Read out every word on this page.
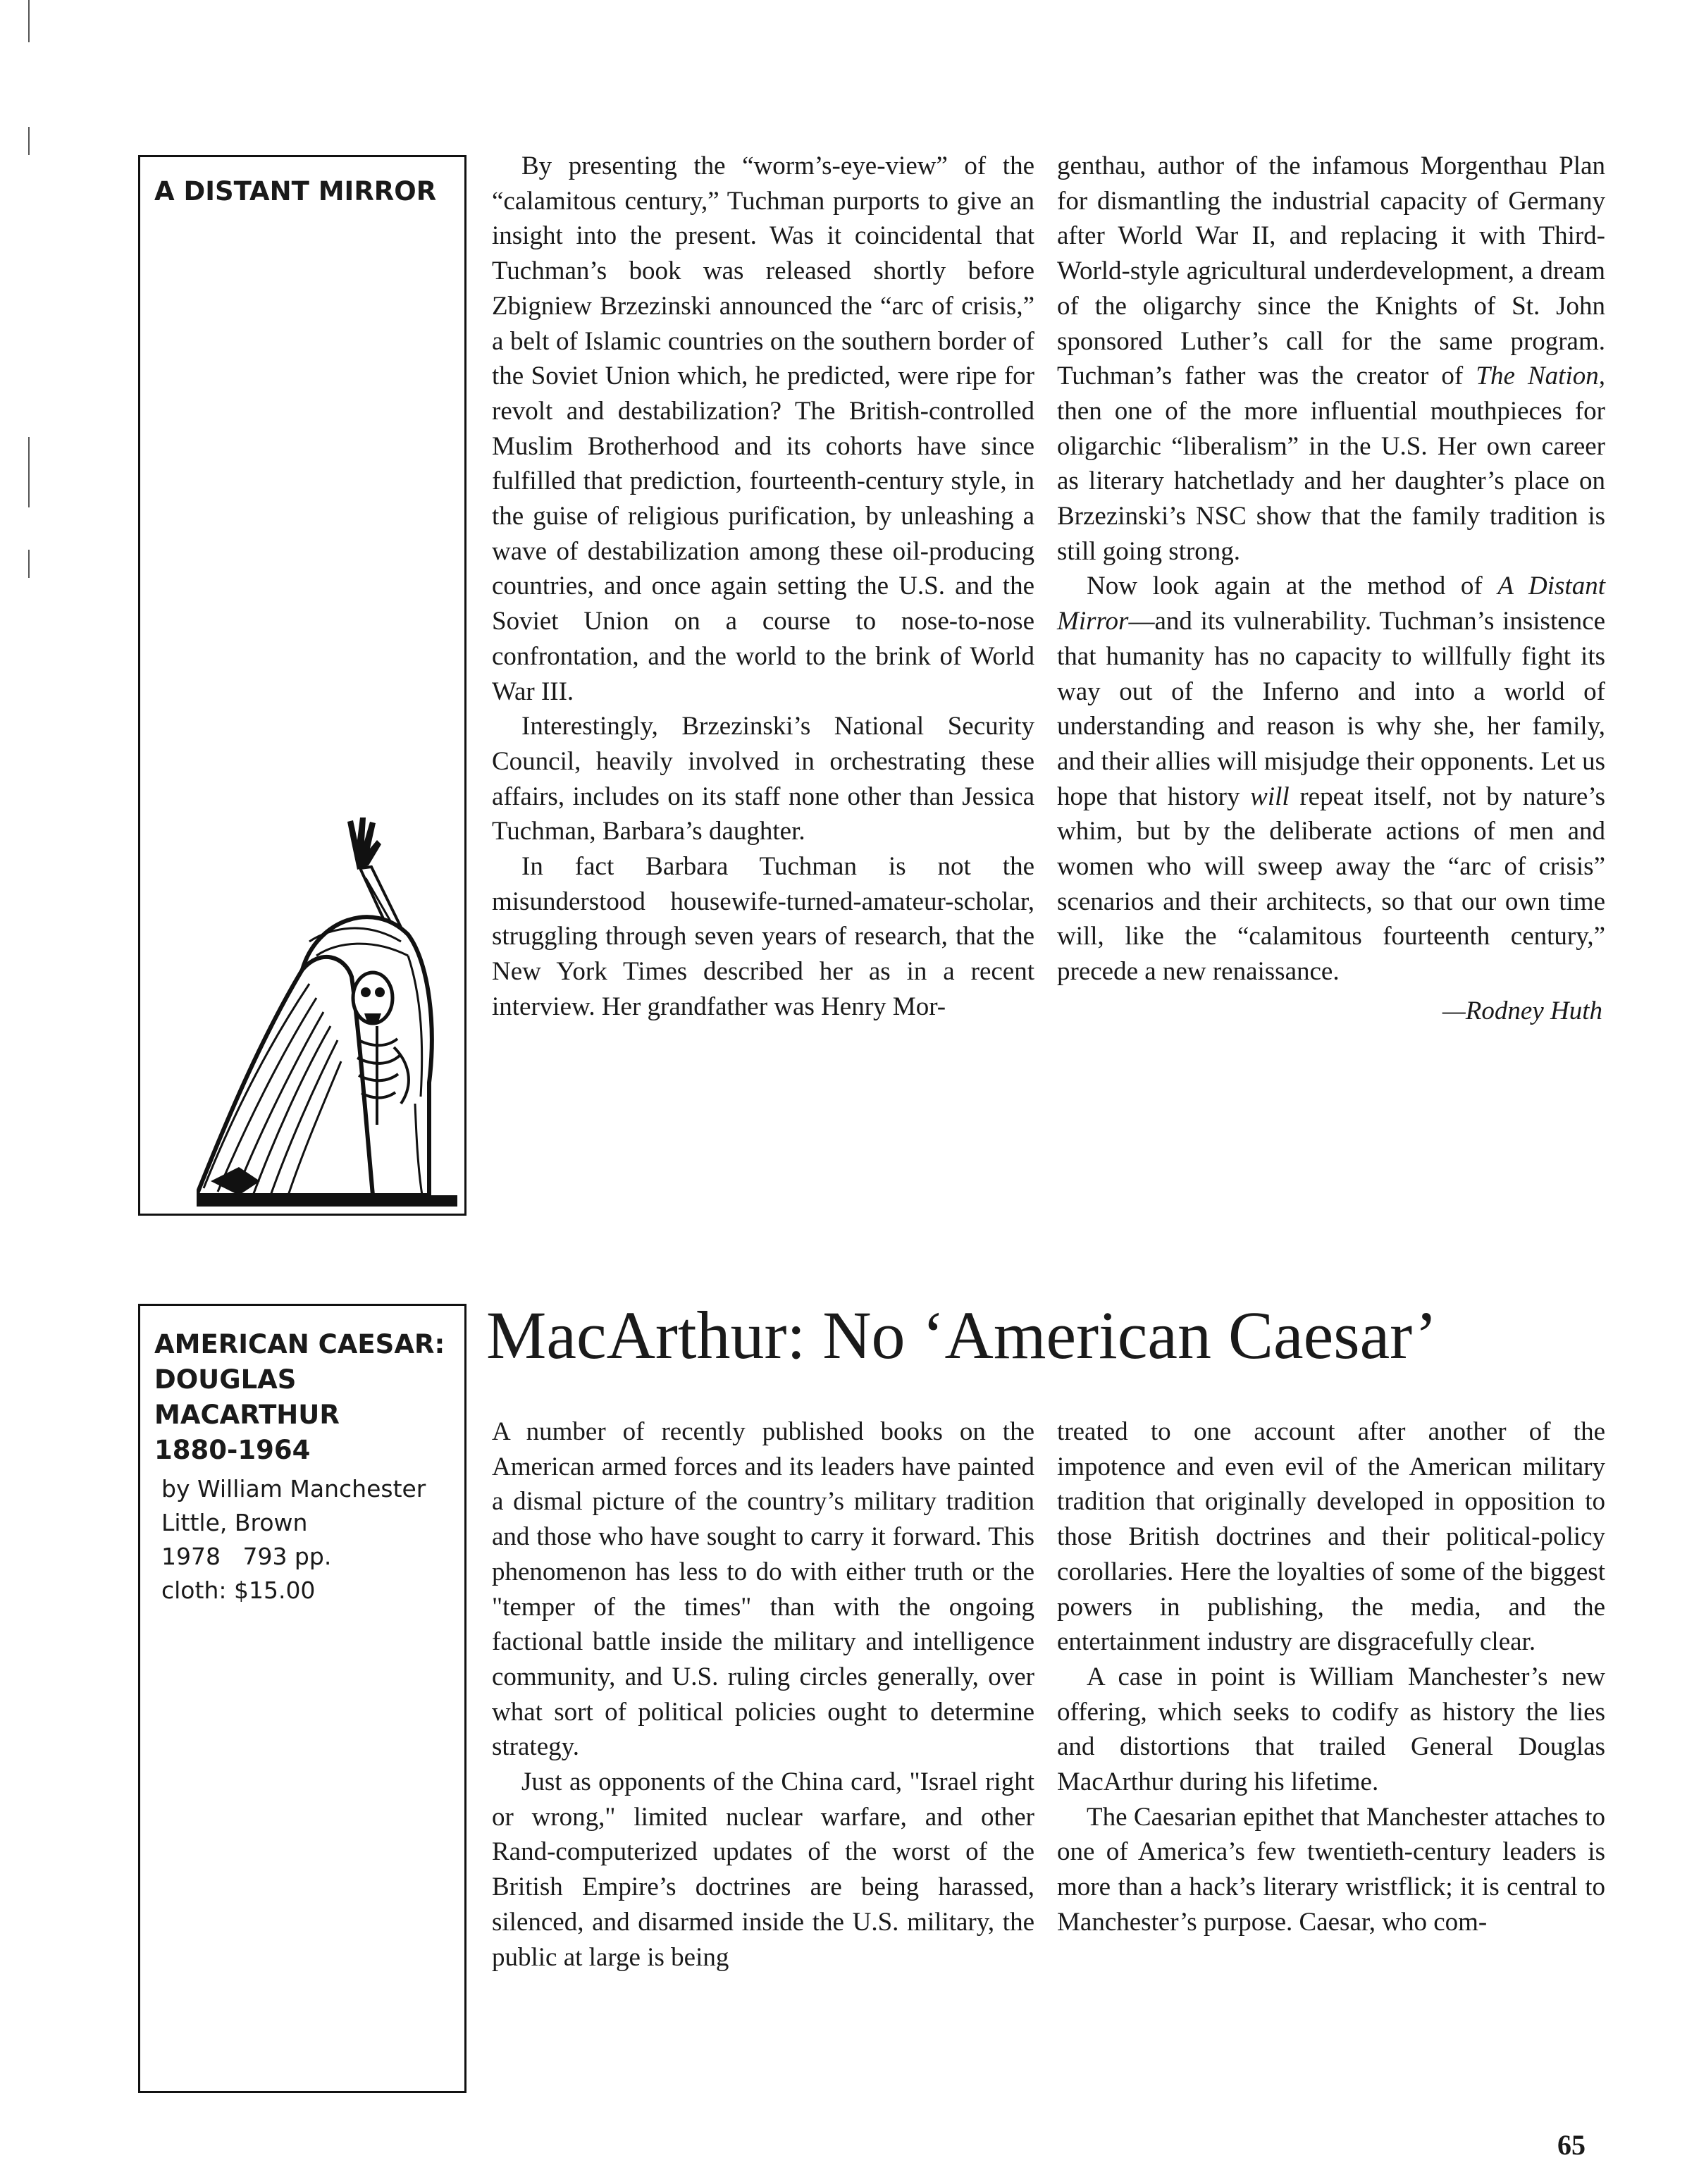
A DISTANT MIRROR

By presenting the “worm’s-eye-view” of the “calamitous century,” Tuchman purports to give an insight into the present. Was it coincidental that Tuchman’s book was released shortly before Zbigniew Brzezinski announced the “arc of crisis,” a belt of Islamic countries on the southern border of the Soviet Union which, he predicted, were ripe for revolt and destabilization? The British-controlled Muslim Brotherhood and its cohorts have since fulfilled that prediction, fourteenth-century style, in the guise of religious purification, by unleashing a wave of destabilization among these oil-producing countries, and once again setting the U.S. and the Soviet Union on a course to nose-to-nose confrontation, and the world to the brink of World War III.

Interestingly, Brzezinski’s National Security Council, heavily involved in orchestrating these affairs, includes on its staff none other than Jessica Tuchman, Barbara’s daughter.

In fact Barbara Tuchman is not the misunderstood housewife-turned-amateur-scholar, struggling through seven years of research, that the New York Times described her as in a recent interview. Her grandfather was Henry Mor-

genthau, author of the infamous Morgenthau Plan for dismantling the industrial capacity of Germany after World War II, and replacing it with Third-World-style agricultural underdevelopment, a dream of the oligarchy since the Knights of St. John sponsored Luther’s call for the same program. Tuchman’s father was the creator of The Nation, then one of the more influential mouthpieces for oligarchic “liberalism” in the U.S. Her own career as literary hatchetlady and her daughter’s place on Brzezinski’s NSC show that the family tradition is still going strong.

Now look again at the method of A Distant Mirror—and its vulnerability. Tuchman’s insistence that humanity has no capacity to willfully fight its way out of the Inferno and into a world of understanding and reason is why she, her family, and their allies will misjudge their opponents. Let us hope that history will repeat itself, not by nature’s whim, but by the deliberate actions of men and women who will sweep away the “arc of crisis” scenarios and their architects, so that our own time will, like the “calamitous fourteenth century,” precede a new renaissance.

—Rodney Huth
AMERICAN CAESAR:
DOUGLAS
MACARTHUR
1880-1964
by William Manchester
Little, Brown
1978   793 pp.
cloth: $15.00
MacArthur: No ‘American Caesar’

A number of recently published books on the American armed forces and its leaders have painted a dismal picture of the country’s military tradition and those who have sought to carry it forward. This phenomenon has less to do with either truth or the "temper of the times" than with the ongoing factional battle inside the military and intelligence community, and U.S. ruling circles generally, over what sort of political policies ought to determine strategy.

Just as opponents of the China card, "Israel right or wrong," limited nuclear warfare, and other Rand-computerized updates of the worst of the British Empire’s doctrines are being harassed, silenced, and disarmed inside the U.S. military, the public at large is being

treated to one account after another of the impotence and even evil of the American military tradition that originally developed in opposition to those British doctrines and their political-policy corollaries. Here the loyalties of some of the biggest powers in publishing, the media, and the entertainment industry are disgracefully clear.

A case in point is William Manchester’s new offering, which seeks to codify as history the lies and distortions that trailed General Douglas MacArthur during his lifetime.

The Caesarian epithet that Manchester attaches to one of America’s few twentieth-century leaders is more than a hack’s literary wristflick; it is central to Manchester’s purpose. Caesar, who com-

65
